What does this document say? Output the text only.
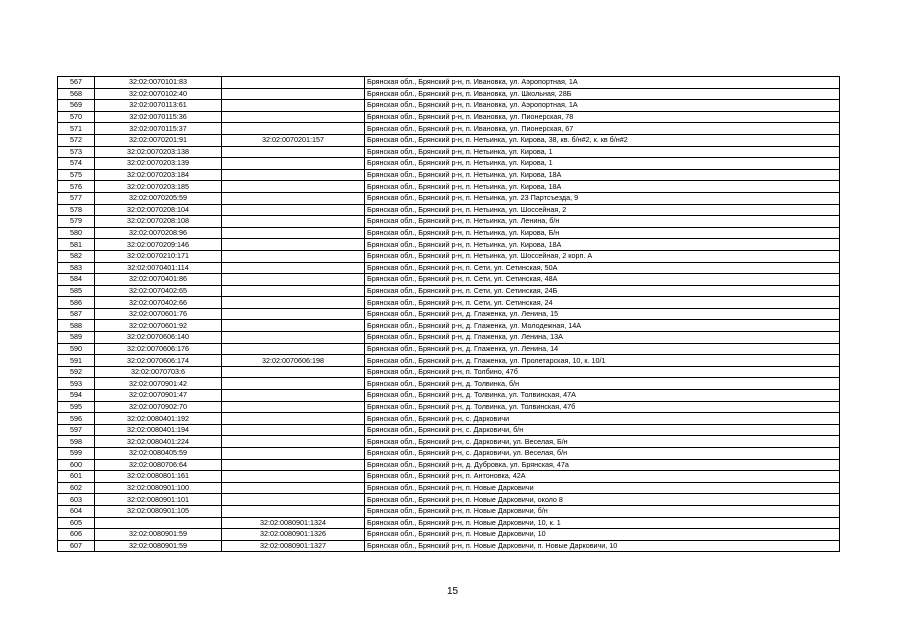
567	32:02:0070101:83		Брянская обл., Брянский р-н, п. Ивановка, ул. Аэропортная, 1А
568	32:02:0070102:40		Брянская обл., Брянский р-н, п. Ивановка, ул. Школьная, 28Б
569	32:02:0070113:61		Брянская обл., Брянский р-н, п. Ивановка, ул. Аэропортная, 1А
570	32:02:0070115:36		Брянская обл., Брянский р-н, п. Ивановка, ул. Пионерская, 78
571	32:02:0070115:37		Брянская обл., Брянский р-н, п. Ивановка, ул. Пионерская, 67
572	32:02:0070201:91	32:02:0070201:157	Брянская обл., Брянский р-н, п. Нетьинка, ул. Кирова, 38, кв. б/н#2, к. кв б/н#2
573	32:02:0070203:138		Брянская обл., Брянский р-н, п. Нетьинка, ул. Кирова, 1
574	32:02:0070203:139		Брянская обл., Брянский р-н, п. Нетьинка, ул. Кирова, 1
575	32:02:0070203:184		Брянская обл., Брянский р-н, п. Нетьинка, ул. Кирова, 18А
576	32:02:0070203:185		Брянская обл., Брянский р-н, п. Нетьинка, ул. Кирова, 18А
577	32:02:0070205:59		Брянская обл., Брянский р-н, п. Нетьинка, ул. 23 Партсъезда, 9
578	32:02:0070208:104		Брянская обл., Брянский р-н, п. Нетьинка, ул. Шоссейная, 2
579	32:02:0070208:108		Брянская обл., Брянский р-н, п. Нетьинка, ул. Ленина, б/н
580	32:02:0070208:96		Брянская обл., Брянский р-н, п. Нетьинка, ул. Кирова, Б/н
581	32:02:0070209:146		Брянская обл., Брянский р-н, п. Нетьинка, ул. Кирова, 18А
582	32:02:0070210:171		Брянская обл., Брянский р-н, п. Нетьинка, ул. Шоссейная, 2 корп. А
583	32:02:0070401:114		Брянская обл., Брянский р-н, п. Сети, ул. Сетинская, 50А
584	32:02:0070401:86		Брянская обл., Брянский р-н, п. Сети, ул. Сетинская, 48А
585	32:02:0070402:65		Брянская обл., Брянский р-н, п. Сети, ул. Сетинская, 24Б
586	32:02:0070402:66		Брянская обл., Брянский р-н, п. Сети, ул. Сетинская, 24
587	32:02:0070601:76		Брянская обл., Брянский р-н, д. Глаженка, ул. Ленина, 15
588	32:02:0070601:92		Брянская обл., Брянский р-н, д. Глаженка, ул. Молодежная, 14А
589	32:02:0070606:140		Брянская обл., Брянский р-н, д. Глаженка, ул. Ленина, 13А
590	32:02:0070606:176		Брянская обл., Брянский р-н, д. Глаженка, ул. Ленина, 14
591	32:02:0070606:174	32:02:0070606:198	Брянская обл., Брянский р-н, д. Глаженка, ул. Пролетарская, 10, к. 10/1
592	32:02:0070703:6		Брянская обл., Брянский р-н, п. Толбино, 47б
593	32:02:0070901:42		Брянская обл., Брянский р-н, д. Толвинка, б/н
594	32:02:0070901:47		Брянская обл., Брянский р-н, д. Толвинка, ул. Толвинская, 47А
595	32:02:0070902:70		Брянская обл., Брянский р-н, д. Толвинка, ул. Толвинская, 47б
596	32:02:0080401:192		Брянская обл., Брянский р-н, с. Дарковичи
597	32:02:0080401:194		Брянская обл., Брянский р-н, с. Дарковичи, б/н
598	32:02:0080401:224		Брянская обл., Брянский р-н, с. Дарковичи, ул. Веселая, Б/н
599	32:02:0080405:59		Брянская обл., Брянский р-н, с. Дарковичи, ул. Веселая, б/н
600	32:02:0080706:64		Брянская обл., Брянский р-н, д. Дубровка, ул. Брянская, 47а
601	32:02:0080801:161		Брянская обл., Брянский р-н, п. Антоновка, 42А
602	32:02:0080901:100		Брянская обл., Брянский р-н, п. Новые Дарковичи
603	32:02:0080901:101		Брянская обл., Брянский р-н, п. Новые Дарковичи, около 8
604	32:02:0080901:105		Брянская обл., Брянский р-н, п. Новые Дарковичи, б/н
605		32:02:0080901:1324	Брянская обл., Брянский р-н, п. Новые Дарковичи, 10, к. 1
606	32:02:0080901:59	32:02:0080901:1326	Брянская обл., Брянский р-н, п. Новые Дарковичи, 10
607	32:02:0080901:59	32:02:0080901:1327	Брянская обл., Брянский р-н, п. Новые Дарковичи, п. Новые Дарковичи, 10
15
